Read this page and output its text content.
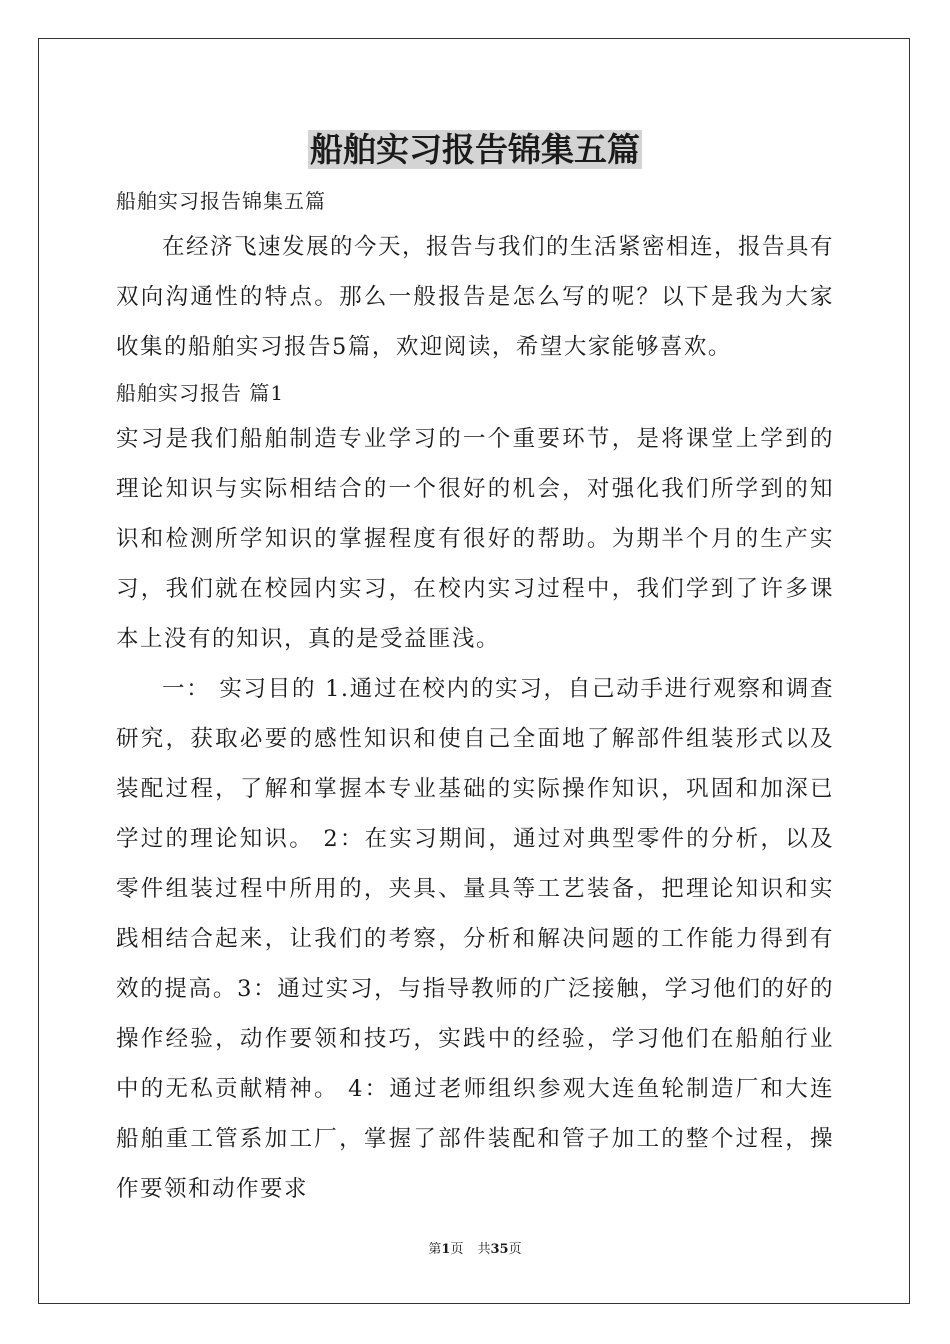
船舶实习报告锦集五篇

船舶实习报告锦集五篇

在经济飞速发展的今天，报告与我们的生活紧密相连，报告具有双向沟通性的特点。那么一般报告是怎么写的呢？以下是我为大家收集的船舶实习报告5篇，欢迎阅读，希望大家能够喜欢。

船舶实习报告 篇1

实习是我们船舶制造专业学习的一个重要环节，是将课堂上学到的理论知识与实际相结合的一个很好的机会，对强化我们所学到的知识和检测所学知识的掌握程度有很好的帮助。为期半个月的生产实习，我们就在校园内实习，在校内实习过程中，我们学到了许多课本上没有的知识，真的是受益匪浅。

一： 实习目的 1.通过在校内的实习，自己动手进行观察和调查研究，获取必要的感性知识和使自己全面地了解部件组装形式以及装配过程，了解和掌握本专业基础的实际操作知识，巩固和加深已学过的理论知识。 2：在实习期间，通过对典型零件的分析，以及零件组装过程中所用的，夹具、量具等工艺装备，把理论知识和实践相结合起来，让我们的考察，分析和解决问题的工作能力得到有效的提高。3：通过实习，与指导教师的广泛接触，学习他们的好的操作经验，动作要领和技巧，实践中的经验，学习他们在船舶行业中的无私贡献精神。 4：通过老师组织参观大连鱼轮制造厂和大连船舶重工管系加工厂，掌握了部件装配和管子加工的整个过程，操作要领和动作要求

第1页 共35页
